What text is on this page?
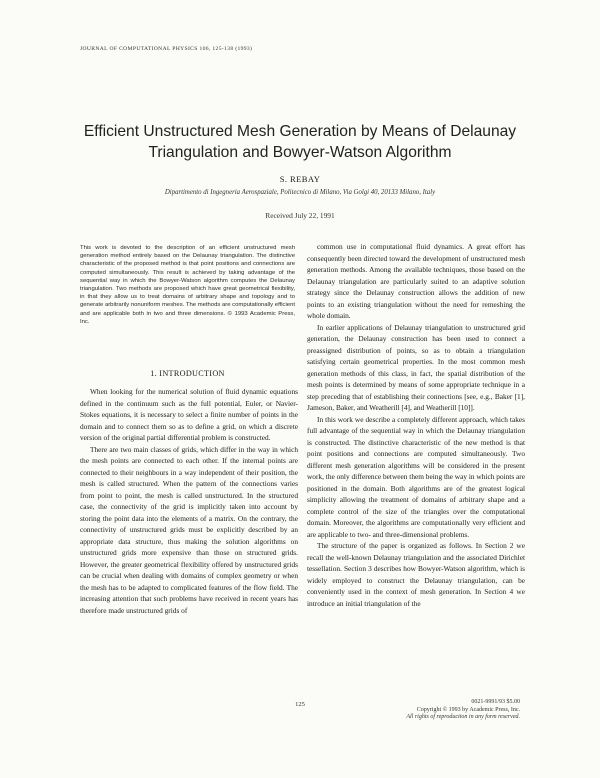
JOURNAL OF COMPUTATIONAL PHYSICS 106, 125-138 (1993)
Efficient Unstructured Mesh Generation by Means of Delaunay Triangulation and Bowyer-Watson Algorithm
S. REBAY
Dipartimento di Ingegneria Aerospaziale, Politecnico di Milano, Via Golgi 40, 20133 Milano, Italy
Received July 22, 1991
This work is devoted to the description of an efficient unstructured mesh generation method entirely based on the Delaunay triangulation. The distinctive characteristic of the proposed method is that point positions and connections are computed simultaneously. This result is achieved by taking advantage of the sequential way in which the Bowyer-Watson algorithm computes the Delaunay triangulation. Two methods are proposed which have great geometrical flexibility, in that they allow us to treat domains of arbitrary shape and topology and to generate arbitrarily nonuniform meshes. The methods are computationally efficient and are applicable both in two and three dimensions. © 1993 Academic Press, Inc.
1. INTRODUCTION

When looking for the numerical solution of fluid dynamic equations defined in the continuum such as the full potential, Euler, or Navier-Stokes equations, it is necessary to select a finite number of points in the domain and to connect them so as to define a grid, on which a discrete version of the original partial differential problem is constructed.

There are two main classes of grids, which differ in the way in which the mesh points are connected to each other. If the internal points are connected to their neighbours in a way independent of their position, the mesh is called structured. When the pattern of the connections varies from point to point, the mesh is called unstructured. In the structured case, the connectivity of the grid is implicitly taken into account by storing the point data into the elements of a matrix. On the contrary, the connectivity of unstructured grids must be explicitly described by an appropriate data structure, thus making the solution algorithms on unstructured grids more expensive than those on structured grids. However, the greater geometrical flexibility offered by unstructured grids can be crucial when dealing with domains of complex geometry or when the mesh has to be adapted to complicated features of the flow field. The increasing attention that such problems have received in recent years has therefore made unstructured grids of

common use in computational fluid dynamics. A great effort has consequently been directed toward the development of unstructured mesh generation methods. Among the available techniques, those based on the Delaunay triangulation are particularly suited to an adaptive solution strategy since the Delaunay construction allows the addition of new points to an existing triangulation without the need for remeshing the whole domain.

In earlier applications of Delaunay triangulation to unstructured grid generation, the Delaunay construction has been used to connect a preassigned distribution of points, so as to obtain a triangulation satisfying certain geometrical properties. In the most common mesh generation methods of this class, in fact, the spatial distribution of the mesh points is determined by means of some appropriate technique in a step preceding that of establishing their connections [see, e.g., Baker [1], Jameson, Baker, and Weatherill [4], and Weatherill [10]].

In this work we describe a completely different approach, which takes full advantage of the sequential way in which the Delaunay triangulation is constructed. The distinctive characteristic of the new method is that point positions and connections are computed simultaneously. Two different mesh generation algorithms will be considered in the present work, the only difference between them being the way in which points are positioned in the domain. Both algorithms are of the greatest logical simplicity allowing the treatment of domains of arbitrary shape and a complete control of the size of the triangles over the computational domain. Moreover, the algorithms are computationally very efficient and are applicable to two- and three-dimensional problems.

The structure of the paper is organized as follows. In Section 2 we recall the well-known Delaunay triangulation and the associated Dirichlet tessellation. Section 3 describes how Bowyer-Watson algorithm, which is widely employed to construct the Delaunay triangulation, can be conveniently used in the context of mesh generation. In Section 4 we introduce an initial triangulation of the

125	0021-9991/93 $5.00
Copyright © 1993 by Academic Press, Inc.
All rights of reproduction in any form reserved.
